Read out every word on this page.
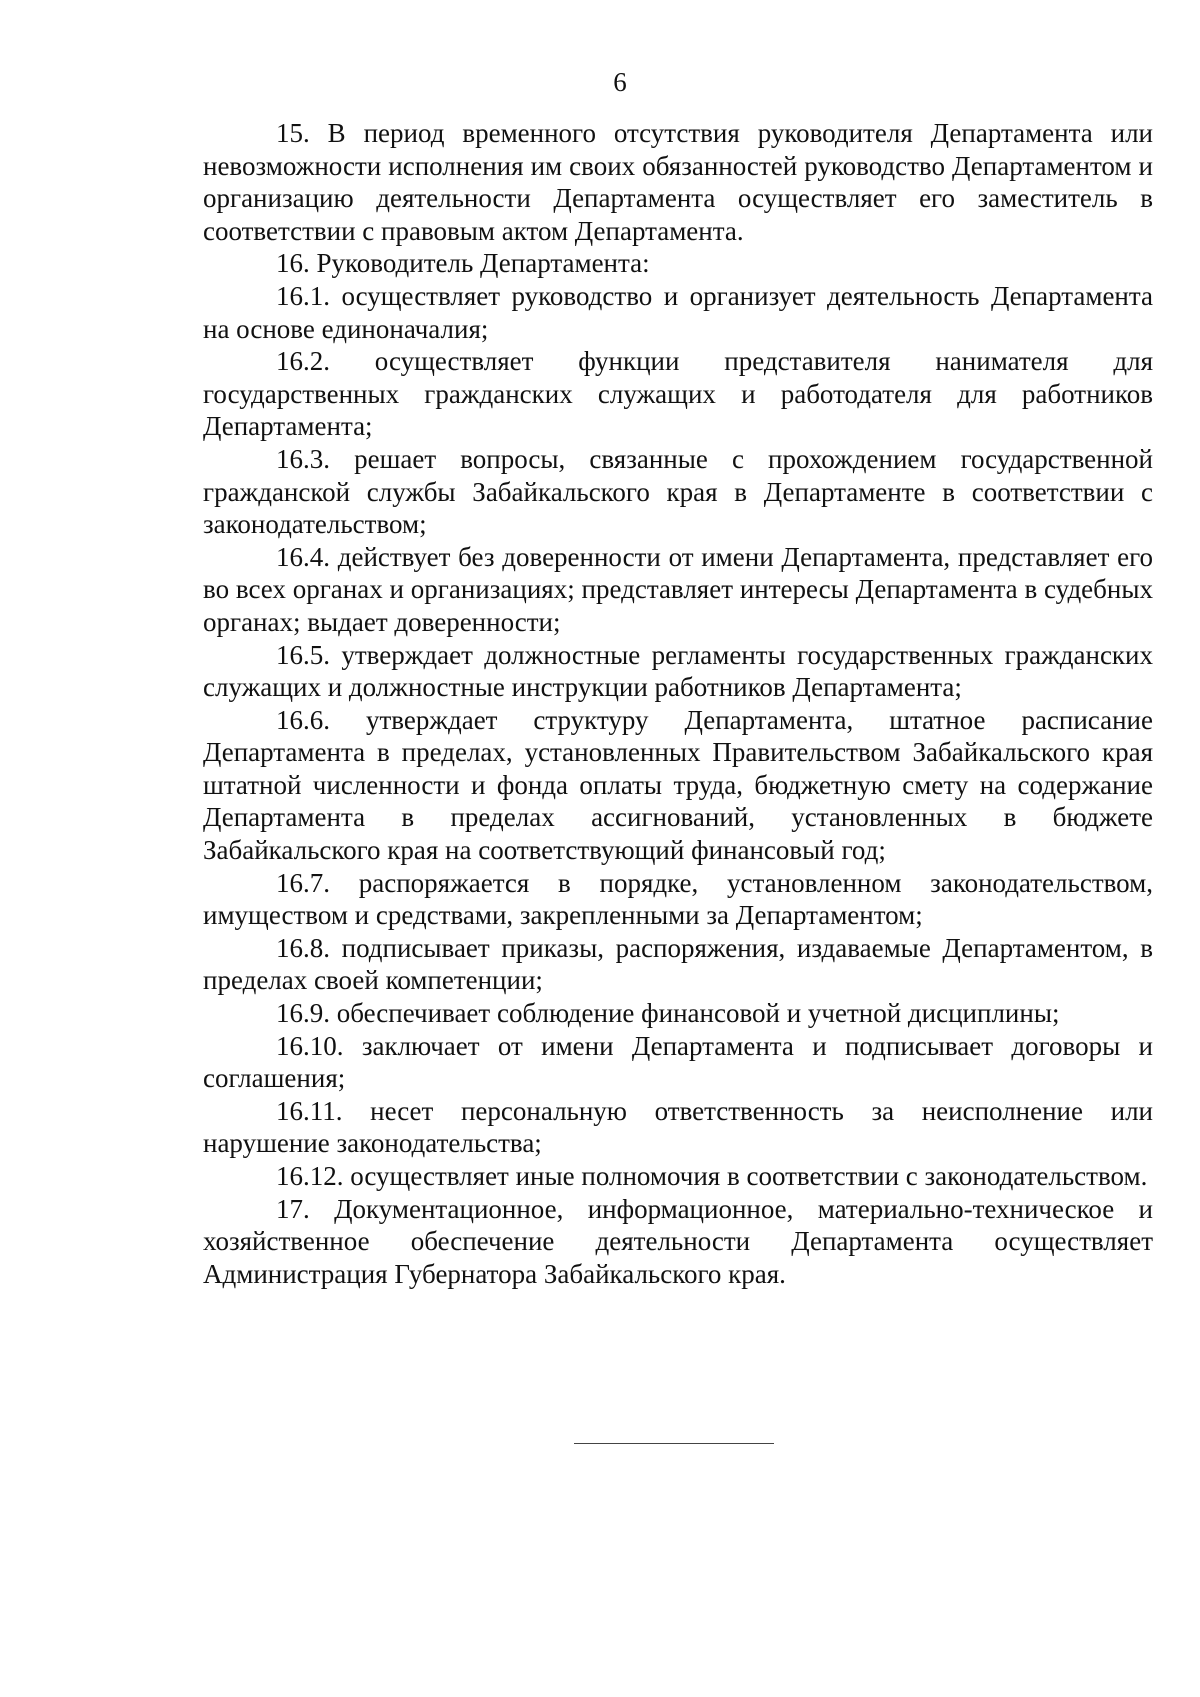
6

15. В период временного отсутствия руководителя Департамента или невозможности исполнения им своих обязанностей руководство Департаментом и организацию деятельности Департамента осуществляет его заместитель в соответствии с правовым актом Департамента.

16. Руководитель Департамента:

16.1. осуществляет руководство и организует деятельность Департамента на основе единоначалия;

16.2. осуществляет функции представителя нанимателя для государственных гражданских служащих и работодателя для работников Департамента;

16.3. решает вопросы, связанные с прохождением государственной гражданской службы Забайкальского края в Департаменте в соответствии с законодательством;

16.4. действует без доверенности от имени Департамента, представляет его во всех органах и организациях; представляет интересы Департамента в судебных органах; выдает доверенности;

16.5. утверждает должностные регламенты государственных гражданских служащих и должностные инструкции работников Департамента;

16.6. утверждает структуру Департамента, штатное расписание Департамента в пределах, установленных Правительством Забайкальского края штатной численности и фонда оплаты труда, бюджетную смету на содержание Департамента в пределах ассигнований, установленных в бюджете Забайкальского края на соответствующий финансовый год;

16.7. распоряжается в порядке, установленном законодательством, имуществом и средствами, закрепленными за Департаментом;

16.8. подписывает приказы, распоряжения, издаваемые Департаментом, в пределах своей компетенции;

16.9. обеспечивает соблюдение финансовой и учетной дисциплины;

16.10. заключает от имени Департамента и подписывает договоры и соглашения;

16.11. несет персональную ответственность за неисполнение или нарушение законодательства;

16.12. осуществляет иные полномочия в соответствии с законодательством.

17. Документационное, информационное, материально-техническое и хозяйственное обеспечение деятельности Департамента осуществляет Администрация Губернатора Забайкальского края.
